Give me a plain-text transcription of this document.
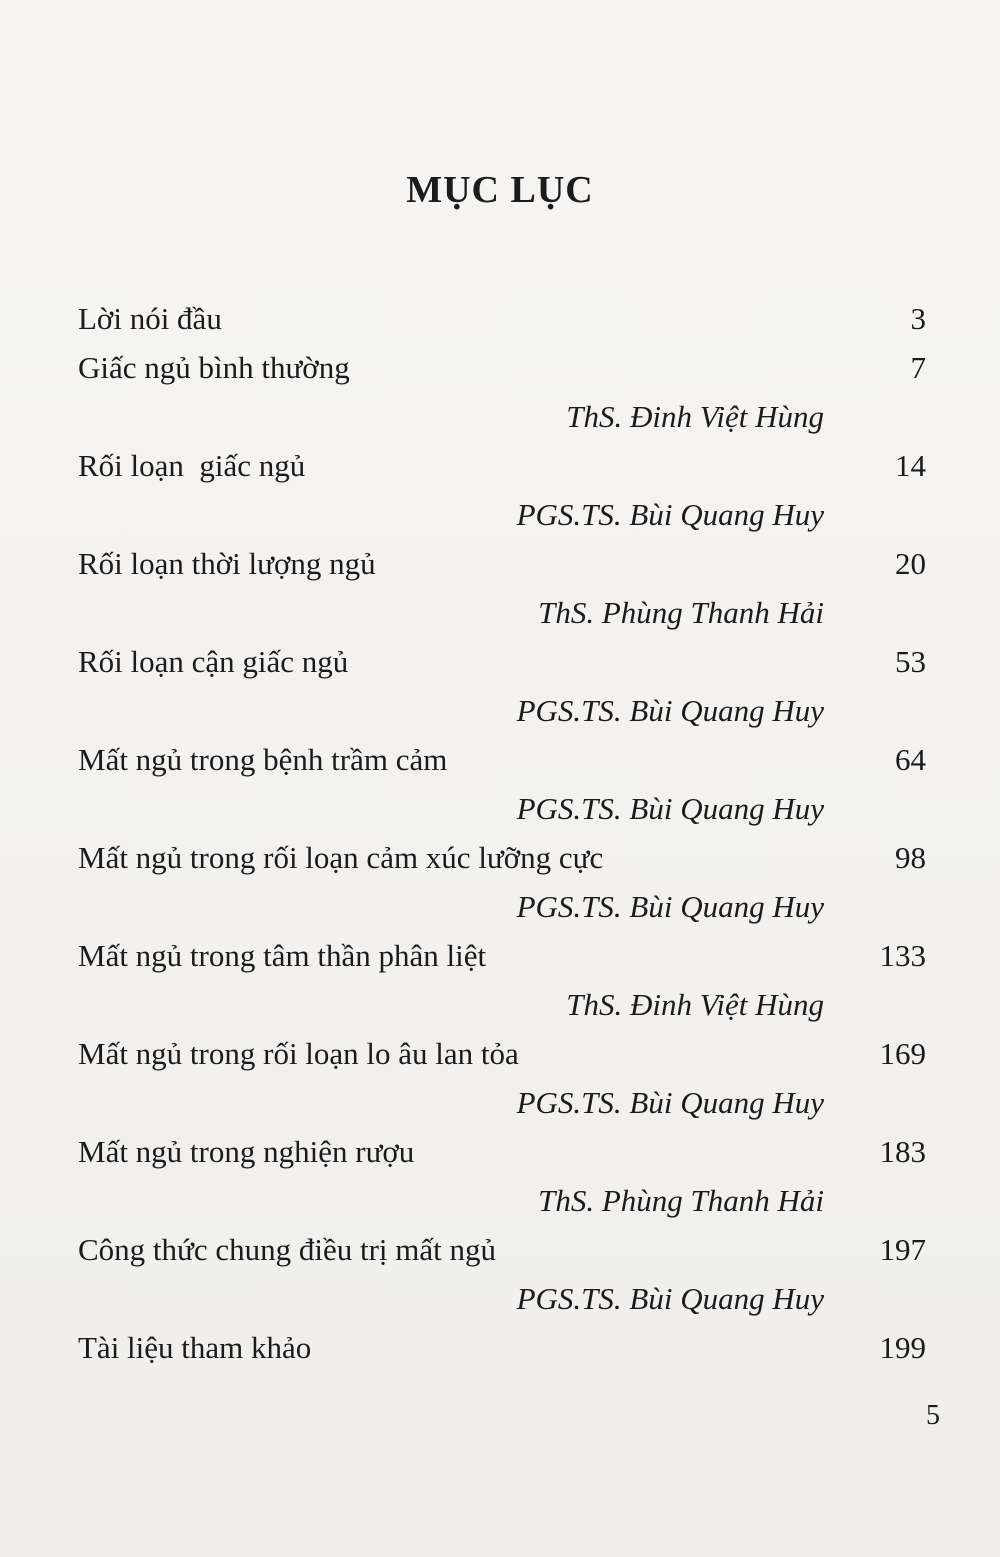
MỤC LỤC
Lời nói đầu	3
Giấc ngủ bình thường	7
ThS. Đinh Việt Hùng
Rối loạn  giấc ngủ	14
PGS.TS. Bùi Quang Huy
Rối loạn thời lượng ngủ	20
ThS. Phùng Thanh Hải
Rối loạn cận giấc ngủ	53
PGS.TS. Bùi Quang Huy
Mất ngủ trong bệnh trầm cảm	64
PGS.TS. Bùi Quang Huy
Mất ngủ trong rối loạn cảm xúc lưỡng cực	98
PGS.TS. Bùi Quang Huy
Mất ngủ trong tâm thần phân liệt	133
ThS. Đinh Việt Hùng
Mất ngủ trong rối loạn lo âu lan tỏa	169
PGS.TS. Bùi Quang Huy
Mất ngủ trong nghiện rượu	183
ThS. Phùng Thanh Hải
Công thức chung điều trị mất ngủ	197
PGS.TS. Bùi Quang Huy
Tài liệu tham khảo	199
5
